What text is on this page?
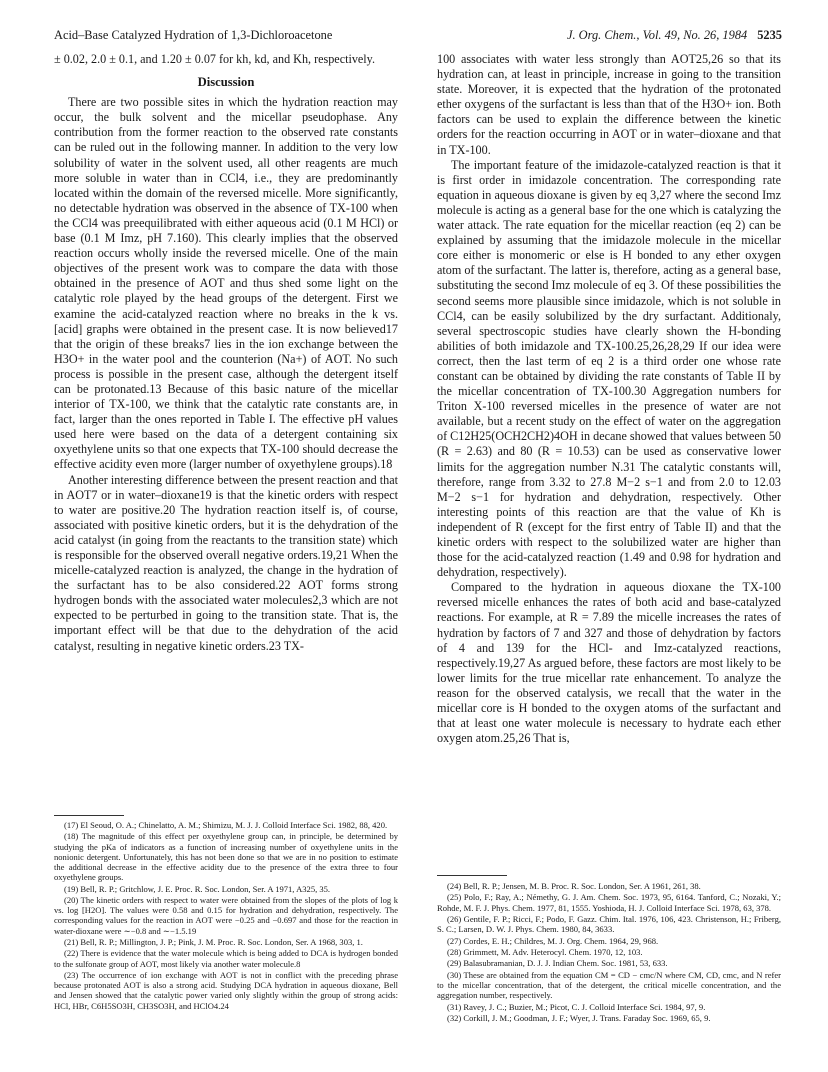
Acid–Base Catalyzed Hydration of 1,3-Dichloroacetone	J. Org. Chem., Vol. 49, No. 26, 1984 5235

± 0.02, 2.0 ± 0.1, and 1.20 ± 0.07 for kh, kd, and Kh, respectively.

Discussion

There are two possible sites in which the hydration reaction may occur, the bulk solvent and the micellar pseudophase. Any contribution from the former reaction to the observed rate constants can be ruled out in the following manner. In addition to the very low solubility of water in the solvent used, all other reagents are much more soluble in water than in CCl4, i.e., they are predominantly located within the domain of the reversed micelle. More significantly, no detectable hydration was observed in the absence of TX-100 when the CCl4 was preequilibrated with either aqueous acid (0.1 M HCl) or base (0.1 M Imz, pH 7.160). This clearly implies that the observed reaction occurs wholly inside the reversed micelle. One of the main objectives of the present work was to compare the data with those obtained in the presence of AOT and thus shed some light on the catalytic role played by the head groups of the detergent. First we examine the acid-catalyzed reaction where no breaks in the k vs. [acid] graphs were obtained in the present case. It is now believed17 that the origin of these breaks7 lies in the ion exchange between the H3O+ in the water pool and the counterion (Na+) of AOT. No such process is possible in the present case, although the detergent itself can be protonated.13 Because of this basic nature of the micellar interior of TX-100, we think that the catalytic rate constants are, in fact, larger than the ones reported in Table I. The effective pH values used here were based on the data of a detergent containing six oxyethylene units so that one expects that TX-100 should decrease the effective acidity even more (larger number of oxyethylene groups).18

Another interesting difference between the present reaction and that in AOT7 or in water–dioxane19 is that the kinetic orders with respect to water are positive.20 The hydration reaction itself is, of course, associated with positive kinetic orders, but it is the dehydration of the acid catalyst (in going from the reactants to the transition state) which is responsible for the observed overall negative orders.19,21 When the micelle-catalyzed reaction is analyzed, the change in the hydration of the surfactant has to be also considered.22 AOT forms strong hydrogen bonds with the associated water molecules2,3 which are not expected to be perturbed in going to the transition state. That is, the important effect will be that due to the dehydration of the acid catalyst, resulting in negative kinetic orders.23 TX-

(17) El Seoud, O. A.; Chinelatto, A. M.; Shimizu, M. J. J. Colloid Interface Sci. 1982, 88, 420.

(18) The magnitude of this effect per oxyethylene group can, in principle, be determined by studying the pKa of indicators as a function of increasing number of oxyethylene units in the nonionic detergent. Unfortunately, this has not been done so that we are in no position to estimate the additional decrease in the effective acidity due to the presence of the extra three to four oxyethylene groups.

(19) Bell, R. P.; Gritchlow, J. E. Proc. R. Soc. London, Ser. A 1971, A325, 35.

(20) The kinetic orders with respect to water were obtained from the slopes of the plots of log k vs. log [H2O]. The values were 0.58 and 0.15 for hydration and dehydration, respectively. The corresponding values for the reaction in AOT were −0.25 and −0.697 and those for the reaction in water-dioxane were ∼−0.8 and ∼−1.5.19

(21) Bell, R. P.; Millington, J. P.; Pink, J. M. Proc. R. Soc. London, Ser. A 1968, 303, 1.

(22) There is evidence that the water molecule which is being added to DCA is hydrogen bonded to the sulfonate group of AOT, most likely via another water molecule.8

(23) The occurrence of ion exchange with AOT is not in conflict with the preceding phrase because protonated AOT is also a strong acid. Studying DCA hydration in aqueous dioxane, Bell and Jensen showed that the catalytic power varied only slightly within the group of strong acids: HCl, HBr, C6H5SO3H, CH3SO3H, and HClO4.24

100 associates with water less strongly than AOT25,26 so that its hydration can, at least in principle, increase in going to the transition state. Moreover, it is expected that the hydration of the protonated ether oxygens of the surfactant is less than that of the H3O+ ion. Both factors can be used to explain the difference between the kinetic orders for the reaction occurring in AOT or in water–dioxane and that in TX-100.

The important feature of the imidazole-catalyzed reaction is that it is first order in imidazole concentration. The corresponding rate equation in aqueous dioxane is given by eq 3,27 where the second Imz molecule is acting as a general base for the one which is catalyzing the water attack. The rate equation for the micellar reaction (eq 2) can be explained by assuming that the imidazole molecule in the micellar core either is monomeric or else is H bonded to any ether oxygen atom of the surfactant. The latter is, therefore, acting as a general base, substituting the second Imz molecule of eq 3. Of these possibilities the second seems more plausible since imidazole, which is not soluble in CCl4, can be easily solubilized by the dry surfactant. Additionaly, several spectroscopic studies have clearly shown the H-bonding abilities of both imidazole and TX-100.25,26,28,29 If our idea were correct, then the last term of eq 2 is a third order one whose rate constant can be obtained by dividing the rate constants of Table II by the micellar concentration of TX-100.30 Aggregation numbers for Triton X-100 reversed micelles in the presence of water are not available, but a recent study on the effect of water on the aggregation of C12H25(OCH2CH2)4OH in decane showed that values between 50 (R = 2.63) and 80 (R = 10.53) can be used as conservative lower limits for the aggregation number N.31 The catalytic constants will, therefore, range from 3.32 to 27.8 M−2 s−1 and from 2.0 to 12.03 M−2 s−1 for hydration and dehydration, respectively. Other interesting points of this reaction are that the value of Kh is independent of R (except for the first entry of Table II) and that the kinetic orders with respect to the solubilized water are higher than those for the acid-catalyzed reaction (1.49 and 0.98 for hydration and dehydration, respectively).

Compared to the hydration in aqueous dioxane the TX-100 reversed micelle enhances the rates of both acid and base-catalyzed reactions. For example, at R = 7.89 the micelle increases the rates of hydration by factors of 7 and 327 and those of dehydration by factors of 4 and 139 for the HCl- and Imz-catalyzed reactions, respectively.19,27 As argued before, these factors are most likely to be lower limits for the true micellar rate enhancement. To analyze the reason for the observed catalysis, we recall that the water in the micellar core is H bonded to the oxygen atoms of the surfactant and that at least one water molecule is necessary to hydrate each ether oxygen atom.25,26 That is,

(24) Bell, R. P.; Jensen, M. B. Proc. R. Soc. London, Ser. A 1961, 261, 38.

(25) Polo, F.; Ray, A.; Némethy, G. J. Am. Chem. Soc. 1973, 95, 6164. Tanford, C.; Nozaki, Y.; Rohde, M. F. J. Phys. Chem. 1977, 81, 1555. Yoshioda, H. J. Colloid Interface Sci. 1978, 63, 378.

(26) Gentile, F. P.; Ricci, F.; Podo, F. Gazz. Chim. Ital. 1976, 106, 423. Christenson, H.; Friberg, S. C.; Larsen, D. W. J. Phys. Chem. 1980, 84, 3633.

(27) Cordes, E. H.; Childres, M. J. Org. Chem. 1964, 29, 968.

(28) Grimmett, M. Adv. Heterocyl. Chem. 1970, 12, 103.

(29) Balasubramanian, D. J. J. Indian Chem. Soc. 1981, 53, 633.

(30) These are obtained from the equation CM = CD − cmc/N where CM, CD, cmc, and N refer to the micellar concentration, that of the detergent, the critical micelle concentration, and the aggregation number, respectively.

(31) Ravey, J. C.; Buzier, M.; Picot, C. J. Colloid Interface Sci. 1984, 97, 9.

(32) Corkill, J. M.; Goodman, J. F.; Wyer, J. Trans. Faraday Soc. 1969, 65, 9.
